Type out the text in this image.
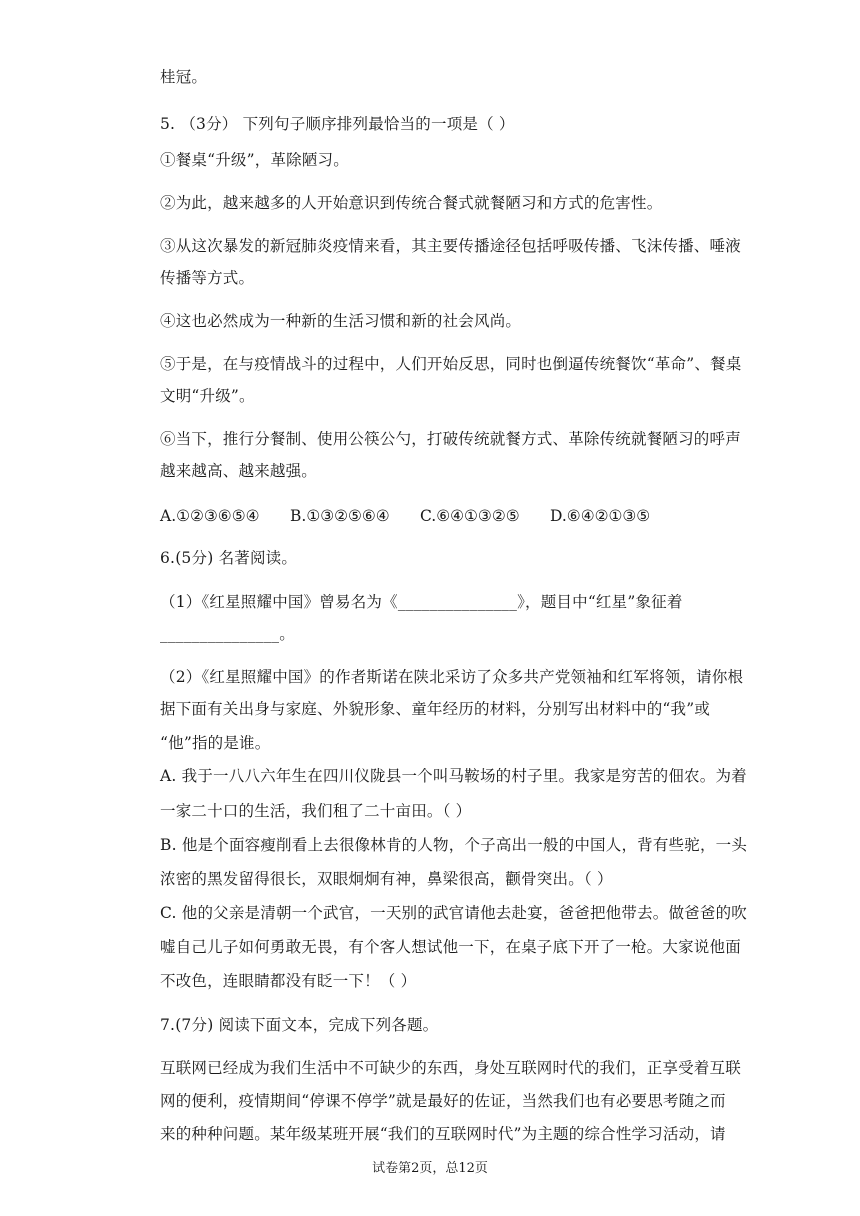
桂冠。
5. （3分） 下列句子顺序排列最恰当的一项是（ ）
①餐桌“升级”，革除陋习。
②为此，越来越多的人开始意识到传统合餐式就餐陋习和方式的危害性。
③从这次暴发的新冠肺炎疫情来看，其主要传播途径包括呼吸传播、飞沫传播、唾液
传播等方式。
④这也必然成为一种新的生活习惯和新的社会风尚。
⑤于是，在与疫情战斗的过程中，人们开始反思，同时也倒逼传统餐饮“革命”、餐桌
文明“升级”。
⑥当下，推行分餐制、使用公筷公勺，打破传统就餐方式、革除传统就餐陋习的呼声
越来越高、越来越强。
A.①②③⑥⑤④ B.①③②⑤⑥④ C.⑥④①③②⑤ D.⑥④②①③⑤
6.(5分) 名著阅读。
（1）《红星照耀中国》曾易名为《_______________》，题目中“红星”象征着
_______________。
（2）《红星照耀中国》的作者斯诺在陕北采访了众多共产党领袖和红军将领，请你根
据下面有关出身与家庭、外貌形象、童年经历的材料，分别写出材料中的“我”或
“他”指的是谁。
A. 我于一八八六年生在四川仪陇县一个叫马鞍场的村子里。我家是穷苦的佃农。为着
一家二十口的生活，我们租了二十亩田。（ ）
B. 他是个面容瘦削看上去很像林肯的人物，个子高出一般的中国人，背有些驼，一头
浓密的黑发留得很长，双眼炯炯有神，鼻梁很高，颧骨突出。（ ）
C. 他的父亲是清朝一个武官，一天别的武官请他去赴宴，爸爸把他带去。做爸爸的吹
嘘自己儿子如何勇敢无畏，有个客人想试他一下，在桌子底下开了一枪。大家说他面
不改色，连眼睛都没有眨一下！（ ）
7.(7分) 阅读下面文本，完成下列各题。
互联网已经成为我们生活中不可缺少的东西，身处互联网时代的我们，正享受着互联
网的便利，疫情期间“停课不停学”就是最好的佐证，当然我们也有必要思考随之而
来的种种问题。某年级某班开展“我们的互联网时代”为主题的综合性学习活动，请
试卷第2页，总12页
